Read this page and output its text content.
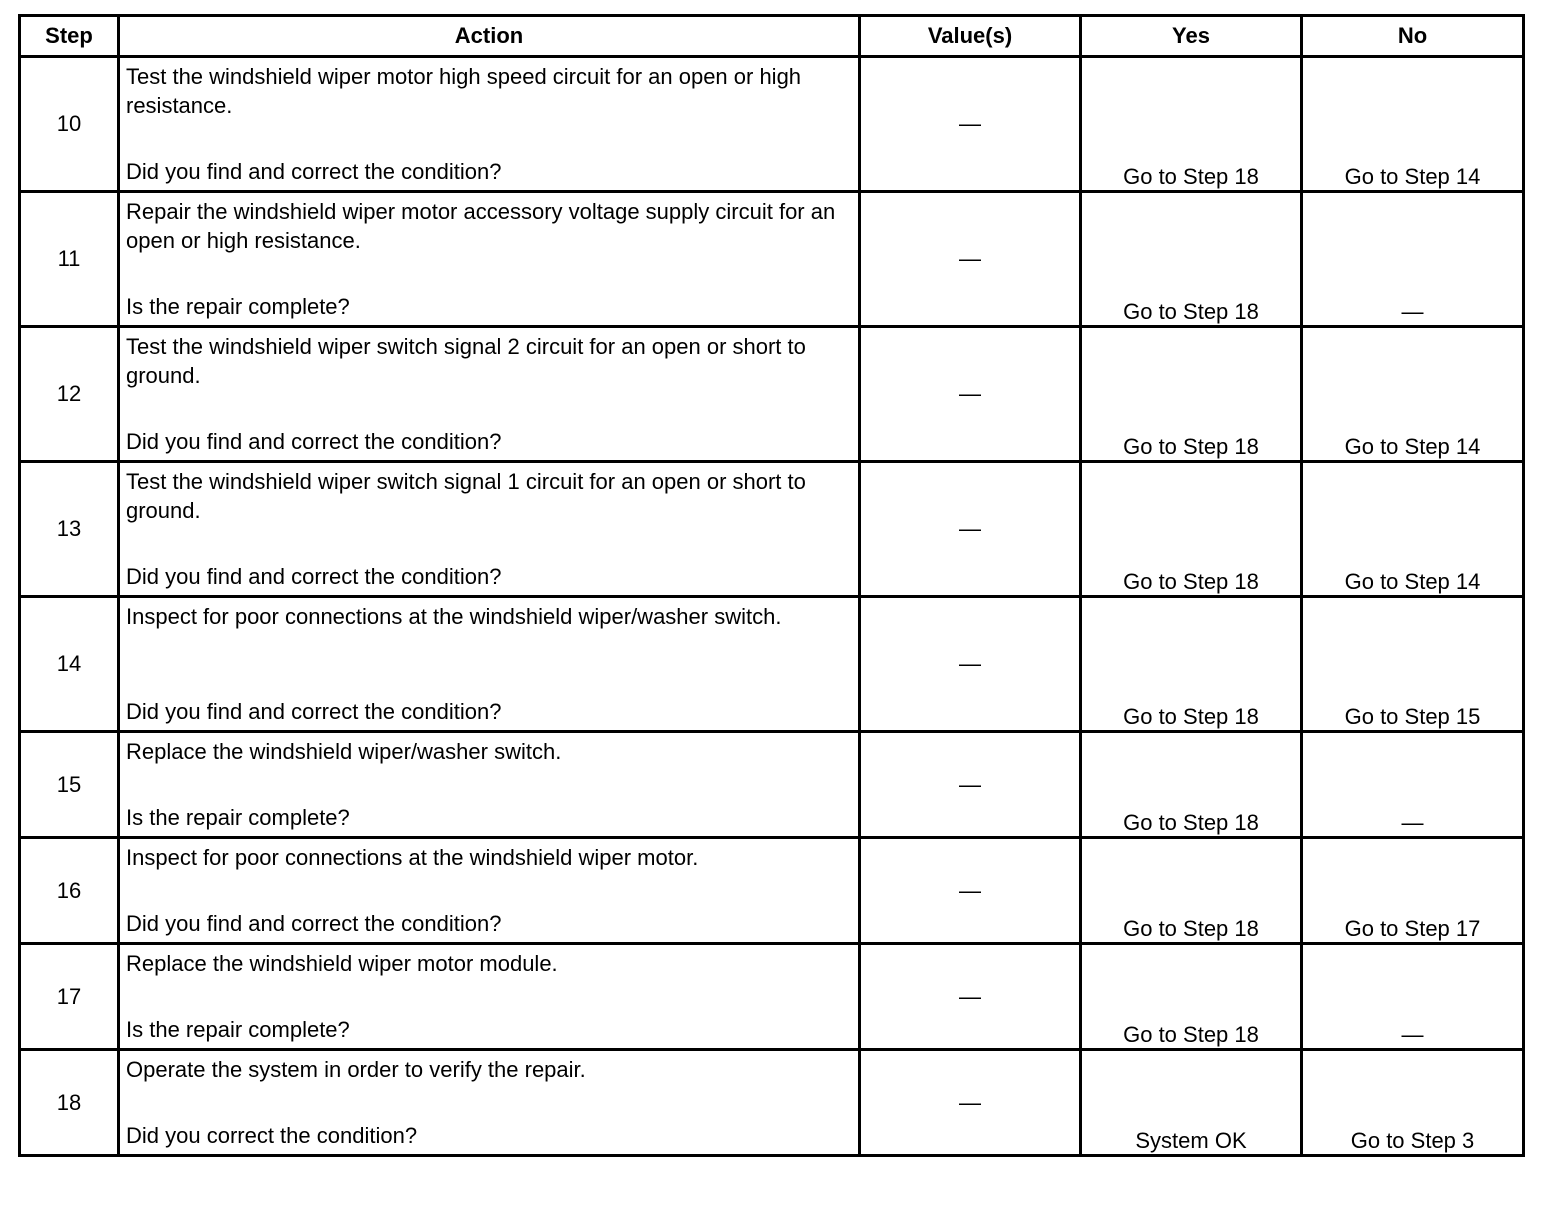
Step	Action	Value(s)	Yes	No
10	Test the windshield wiper motor high speed circuit for an open or high resistance.
Did you find and correct the condition?	—	Go to Step 18	Go to Step 14
11	Repair the windshield wiper motor accessory voltage supply circuit for an open or high resistance.
Is the repair complete?	—	Go to Step 18	—
12	Test the windshield wiper switch signal 2 circuit for an open or short to ground.
Did you find and correct the condition?	—	Go to Step 18	Go to Step 14
13	Test the windshield wiper switch signal 1 circuit for an open or short to ground.
Did you find and correct the condition?	—	Go to Step 18	Go to Step 14
14	Inspect for poor connections at the windshield wiper/washer switch.
Did you find and correct the condition?	—	Go to Step 18	Go to Step 15
15	Replace the windshield wiper/washer switch.
Is the repair complete?	—	Go to Step 18	—
16	Inspect for poor connections at the windshield wiper motor.
Did you find and correct the condition?	—	Go to Step 18	Go to Step 17
17	Replace the windshield wiper motor module.
Is the repair complete?	—	Go to Step 18	—
18	Operate the system in order to verify the repair.
Did you correct the condition?	—	System OK	Go to Step 3
